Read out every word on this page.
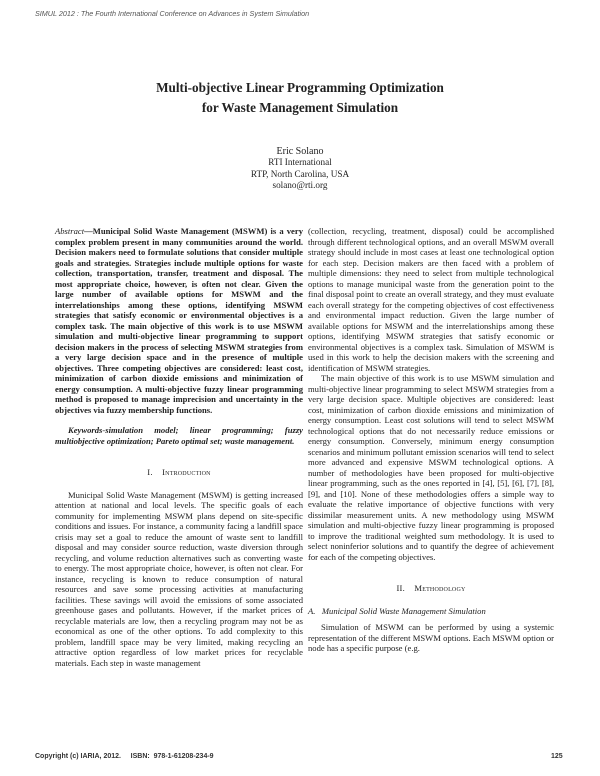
SIMUL 2012 : The Fourth International Conference on Advances in System Simulation
Multi-objective Linear Programming Optimization
for Waste Management Simulation
Eric Solano
RTI International
RTP, North Carolina, USA
solano@rti.org

Abstract—Municipal Solid Waste Management (MSWM) is a very complex problem present in many communities around the world. Decision makers need to formulate solutions that consider multiple goals and strategies. Strategies include multiple options for waste collection, transportation, transfer, treatment and disposal. The most appropriate choice, however, is often not clear. Given the large number of available options for MSWM and the interrelationships among these options, identifying MSWM strategies that satisfy economic or environmental objectives is a complex task. The main objective of this work is to use MSWM simulation and multi-objective linear programming to support decision makers in the process of selecting MSWM strategies from a very large decision space and in the presence of multiple objectives. Three competing objectives are considered: least cost, minimization of carbon dioxide emissions and minimization of energy consumption. A multi-objective fuzzy linear programming method is proposed to manage imprecision and uncertainty in the objectives via fuzzy membership functions.

Keywords-simulation model; linear programming; fuzzy multiobjective optimization; Pareto optimal set; waste management.

I. Introduction

Municipal Solid Waste Management (MSWM) is getting increased attention at national and local levels. The specific goals of each community for implementing MSWM plans depend on site-specific conditions and issues. For instance, a community facing a landfill space crisis may set a goal to reduce the amount of waste sent to landfill disposal and may consider source reduction, waste diversion through recycling, and volume reduction alternatives such as converting waste to energy. The most appropriate choice, however, is often not clear. For instance, recycling is known to reduce consumption of natural resources and save some processing activities at manufacturing facilities. These savings will avoid the emissions of some associated greenhouse gases and pollutants. However, if the market prices of recyclable materials are low, then a recycling program may not be as economical as one of the other options. To add complexity to this problem, landfill space may be very limited, making recycling an attractive option regardless of low market prices for recyclable materials. Each step in waste management

(collection, recycling, treatment, disposal) could be accomplished through different technological options, and an overall MSWM overall strategy should include in most cases at least one technological option for each step. Decision makers are then faced with a problem of multiple dimensions: they need to select from multiple technological options to manage municipal waste from the generation point to the final disposal point to create an overall strategy, and they must evaluate each overall strategy for the competing objectives of cost effectiveness and environmental impact reduction. Given the large number of available options for MSWM and the interrelationships among these options, identifying MSWM strategies that satisfy economic or environmental objectives is a complex task. Simulation of MSWM is used in this work to help the decision makers with the screening and identification of MSWM strategies.

The main objective of this work is to use MSWM simulation and multi-objective linear programming to select MSWM strategies from a very large decision space. Multiple objectives are considered: least cost, minimization of carbon dioxide emissions and minimization of energy consumption. Least cost solutions will tend to select MSWM technological options that do not necessarily reduce emissions or energy consumption. Conversely, minimum energy consumption scenarios and minimum pollutant emission scenarios will tend to select more advanced and expensive MSWM technological options. A number of methodologies have been proposed for multi-objective linear programming, such as the ones reported in [4], [5], [6], [7], [8], [9], and [10]. None of these methodologies offers a simple way to evaluate the relative importance of objective functions with very dissimilar measurement units. A new methodology using MSWM simulation and multi-objective fuzzy linear programming is proposed to improve the traditional weighted sum methodology. It is used to select noninferior solutions and to quantify the degree of achievement for each of the competing objectives.

II. Methodology

A. Municipal Solid Waste Management Simulation

Simulation of MSWM can be performed by using a systemic representation of the different MSWM options. Each MSWM option or node has a specific purpose (e.g.

Copyright (c) IARIA, 2012.     ISBN:  978-1-61208-234-9	125
